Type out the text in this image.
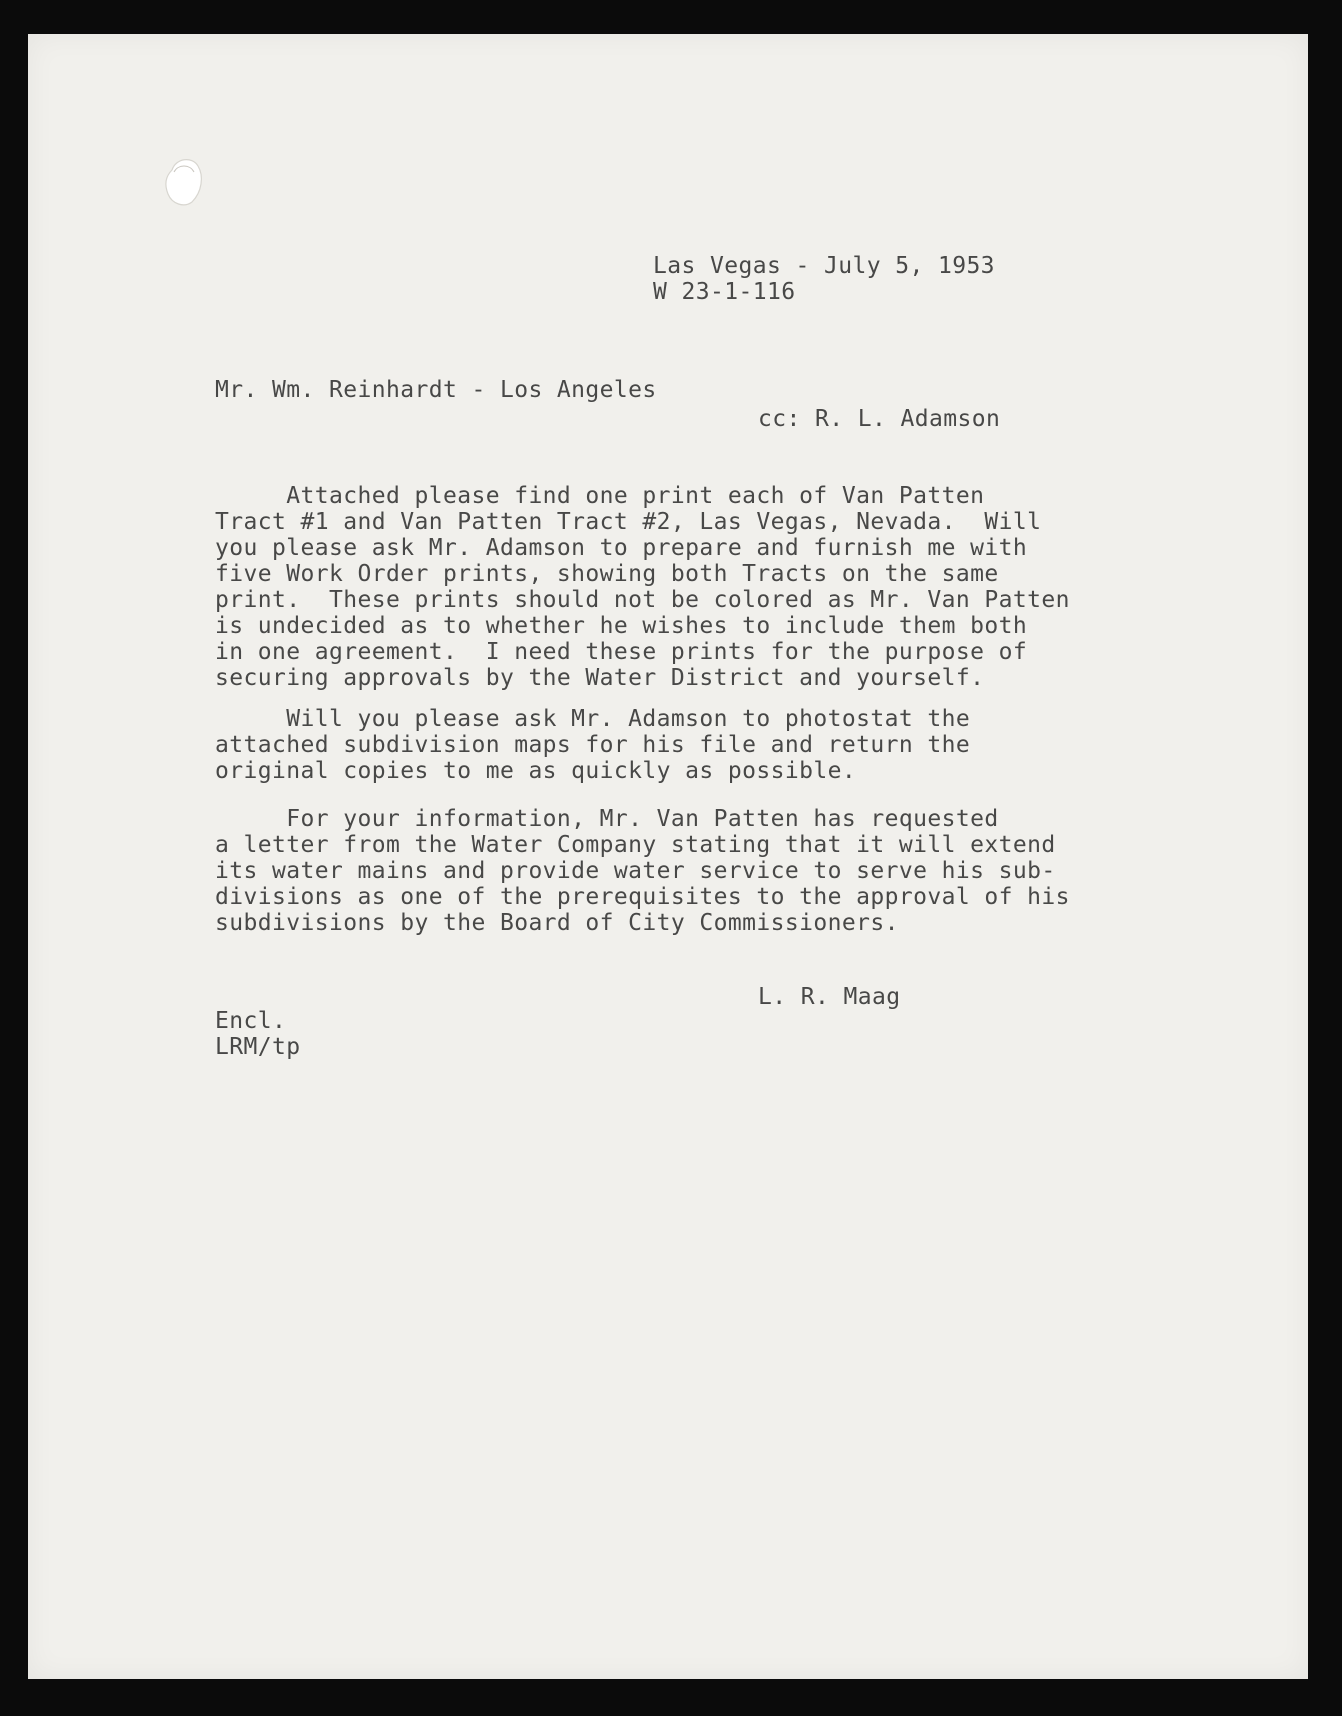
Las Vegas - July 5, 1953
W 23-1-116
Mr. Wm. Reinhardt - Los Angeles
cc: R. L. Adamson
Attached please find one print each of Van Patten
Tract #1 and Van Patten Tract #2, Las Vegas, Nevada.  Will
you please ask Mr. Adamson to prepare and furnish me with
five Work Order prints, showing both Tracts on the same
print.  These prints should not be colored as Mr. Van Patten
is undecided as to whether he wishes to include them both
in one agreement.  I need these prints for the purpose of
securing approvals by the Water District and yourself.
Will you please ask Mr. Adamson to photostat the
attached subdivision maps for his file and return the
original copies to me as quickly as possible.
For your information, Mr. Van Patten has requested
a letter from the Water Company stating that it will extend
its water mains and provide water service to serve his sub-
divisions as one of the prerequisites to the approval of his
subdivisions by the Board of City Commissioners.
L. R. Maag
Encl.
LRM/tp
